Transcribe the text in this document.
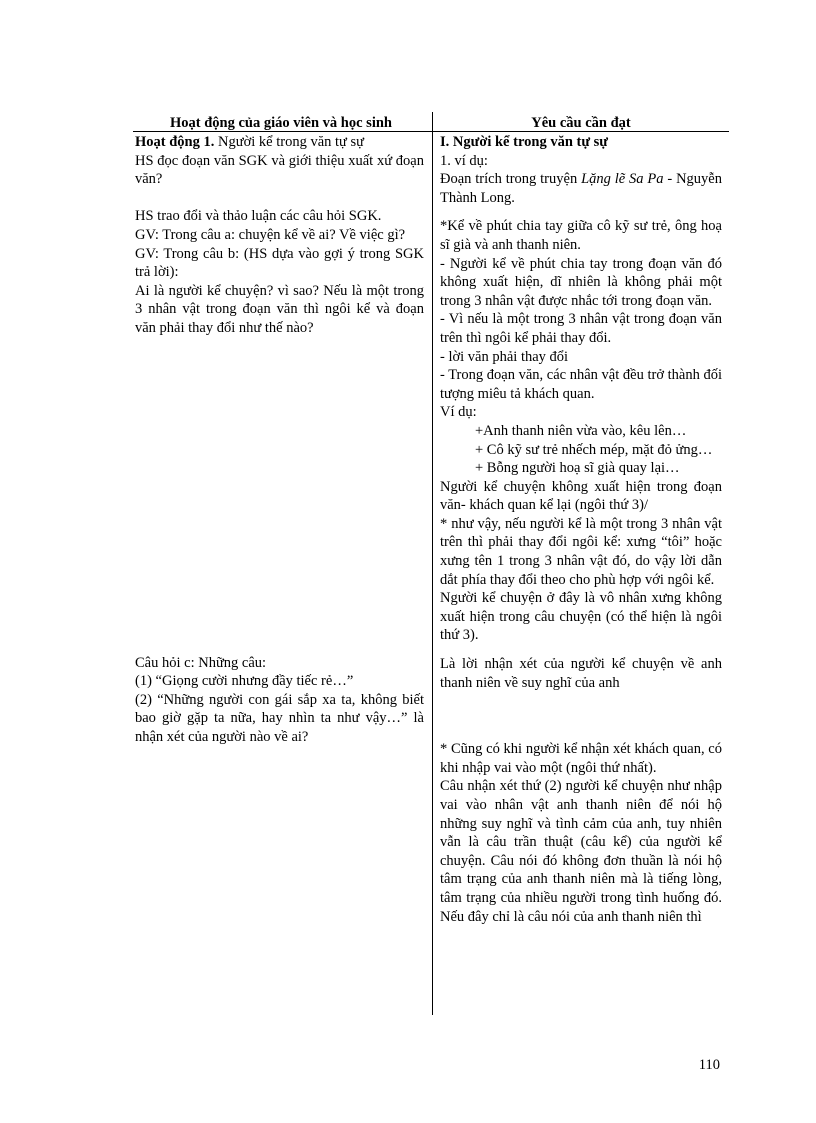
Hoạt động của giáo viên và học sinh	Yêu cầu cần đạt

Hoạt động 1. Người kể trong văn tự sự

HS đọc đoạn văn SGK và giới thiệu xuất xứ đoạn văn?

HS trao đổi và thảo luận các câu hỏi SGK.

GV: Trong câu a: chuyện kể về ai? Về việc gì?

GV: Trong câu b: (HS dựa vào gợi ý trong SGK trả lời):

Ai là người kể chuyện? vì sao? Nếu là một trong 3 nhân vật trong đoạn văn thì ngôi kể và đoạn văn phải thay đổi như thế nào?

Câu hỏi c: Những câu:

(1) “Giọng cười nhưng đầy tiếc rẻ…”

(2) “Những người con gái sắp xa ta, không biết bao giờ gặp ta nữa, hay nhìn ta như vậy…” là nhận xét của người nào về ai?

I. Người kể trong văn tự sự

1. ví dụ:

Đoạn trích trong truyện Lặng lẽ Sa Pa - Nguyễn Thành Long.

*Kể về phút chia tay giữa cô kỹ sư trẻ, ông hoạ sĩ già và anh thanh niên.

- Người kể về phút chia tay trong đoạn văn đó không xuất hiện, dĩ nhiên là không phải một trong 3 nhân vật được nhắc tới trong đoạn văn.

- Vì nếu là một trong 3 nhân vật trong đoạn văn trên thì ngôi kể phải thay đổi.

- lời văn phải thay đổi

- Trong đoạn văn, các nhân vật đều trở thành đối tượng miêu tả khách quan.

Ví dụ:

+Anh thanh niên vừa vào, kêu lên…

+ Cô kỹ sư trẻ nhếch mép, mặt đỏ ửng…

+ Bỗng người hoạ sĩ già quay lại…

Người kể chuyện không xuất hiện trong đoạn văn- khách quan kể lại (ngôi thứ 3)/

* như vậy, nếu người kể là một trong 3 nhân vật trên thì phải thay đổi ngôi kể: xưng “tôi” hoặc xưng tên 1 trong 3 nhân vật đó, do vậy lời dẫn dắt phía thay đổi theo cho phù hợp với ngôi kể.

Người kể chuyện ở đây là vô nhân xưng không xuất hiện trong câu chuyện (có thể hiện là ngôi thứ 3).

Là lời nhận xét của người kể chuyện về anh thanh niên về suy nghĩ của anh

* Cũng có khi người kể nhận xét khách quan, có khi nhập vai vào một (ngôi thứ nhất).

Câu nhận xét thứ (2) người kể chuyện như nhập vai vào nhân vật anh thanh niên để nói hộ những suy nghĩ và tình cảm của anh, tuy nhiên vẫn là câu trần thuật (câu kể) của người kể chuyện. Câu nói đó không đơn thuần là nói hộ tâm trạng của anh thanh niên mà là tiếng lòng, tâm trạng của nhiều người trong tình huống đó. Nếu đây chỉ là câu nói của anh thanh niên thì

110
